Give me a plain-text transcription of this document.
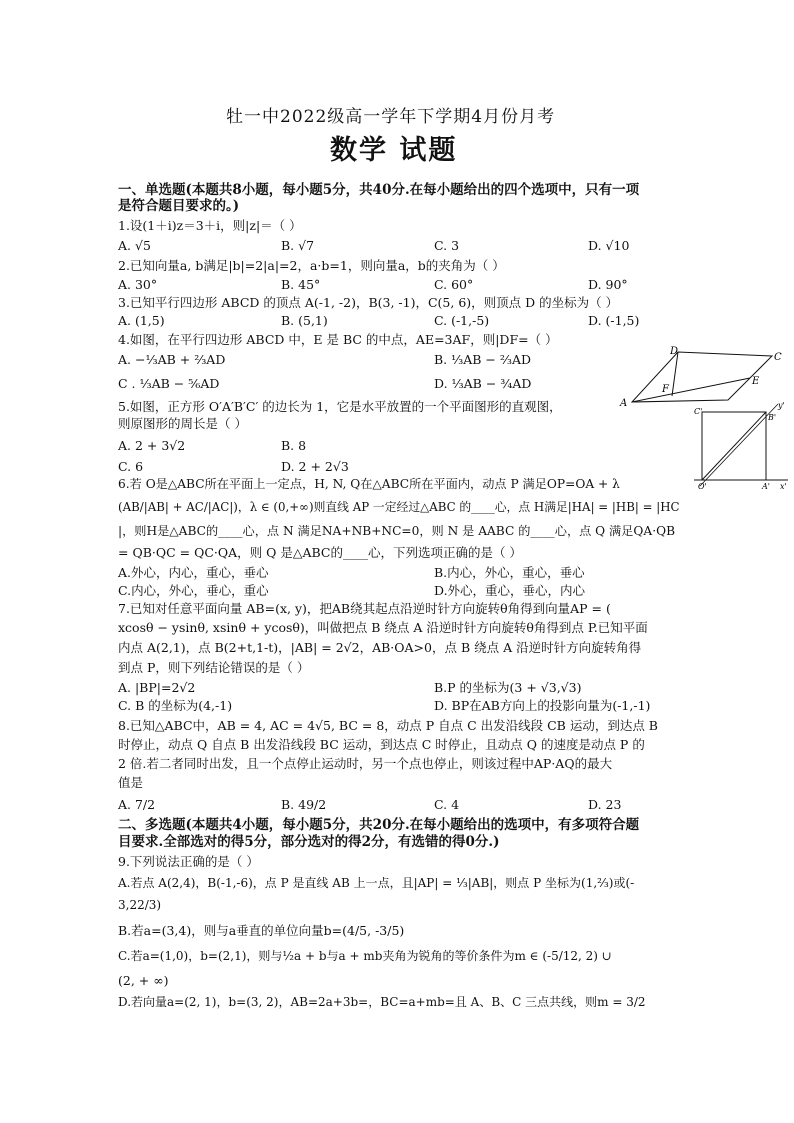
牡一中2022级高一学年下学期4月份月考
数学 试题
一、单选题(本题共8小题，每小题5分，共40分.在每小题给出的四个选项中，只有一项
是符合题目要求的。)
1.设(1＋i)z＝3＋i，则|z|＝（ ）
A. √5	B. √7	C. 3	D. √10
2.已知向量a, b满足|b|=2|a|=2，a·b=1，则向量a，b的夹角为（ ）
A. 30°	B. 45°	C. 60°	D. 90°
3.已知平行四边形 ABCD 的顶点 A(-1, -2)，B(3, -1)，C(5, 6)，则顶点 D 的坐标为（ ）
A. (1,5)	B. (5,1)	C. (-1,-5)	D. (-1,5)
4.如图，在平行四边形 ABCD 中，E 是 BC 的中点，AE=3AF，则|DF=（ ）
A. −⅓AB + ⅔AD	B. ⅓AB − ⅔AD
C . ⅓AB − ⅚AD	D. ⅓AB − ¾AD
D
C
F
E
A
5.如图，正方形 O′A′B′C′ 的边长为 1，它是水平放置的一个平面图形的直观图，
则原图形的周长是（ ）
A. 2 + 3√2	B. 8
C. 6	D. 2 + 2√3
C'
B'
O'	A'
y'
x'
6.若 O是△ABC所在平面上一定点，H, N, Q在△ABC所在平面内，动点 P 满足OP=OA + λ
(AB/|AB| + AC/|AC|)，λ ∈ (0,+∞)则直线 AP 一定经过△ABC 的____心，点 H满足|HA| = |HB| = |HC
|，则H是△ABC的____心，点 N 满足NA+NB+NC=0，则 N 是 AABC 的____心，点 Q 满足QA·QB
= QB·QC = QC·QA，则 Q 是△ABC的____心，下列选项正确的是（ ）
A.外心，内心，重心，垂心	B.内心，外心，重心，垂心
C.内心，外心，垂心，重心	D.外心，重心，垂心，内心
7.已知对任意平面向量 AB=(x, y)，把AB绕其起点沿逆时针方向旋转θ角得到向量AP = (
xcosθ − ysinθ, xsinθ + ycosθ)，叫做把点 B 绕点 A 沿逆时针方向旋转θ角得到点 P.已知平面
内点 A(2,1)，点 B(2+t,1-t)，|AB| = 2√2，AB·OA>0，点 B 绕点 A 沿逆时针方向旋转角得
到点 P，则下列结论错误的是（ ）
A. |BP|=2√2	B.P 的坐标为(3 + √3,√3)
C. B 的坐标为(4,-1)	D. BP在AB方向上的投影向量为(-1,-1)
8.已知△ABC中，AB = 4, AC = 4√5, BC = 8，动点 P 自点 C 出发沿线段 CB 运动，到达点 B
时停止，动点 Q 自点 B 出发沿线段 BC 运动，到达点 C 时停止，且动点 Q 的速度是动点 P 的
2 倍.若二者同时出发，且一个点停止运动时，另一个点也停止，则该过程中AP·AQ的最大
值是
A. 7/2	B. 49/2	C. 4	D. 23
二、多选题(本题共4小题，每小题5分，共20分.在每小题给出的选项中，有多项符合题
目要求.全部选对的得5分，部分选对的得2分，有选错的得0分.)
9.下列说法正确的是（ ）
A.若点 A(2,4)，B(-1,-6)，点 P 是直线 AB 上一点，且|AP| = ⅓|AB|，则点 P 坐标为(1,⅔)或(-
3,22/3)
B.若a=(3,4)，则与a垂直的单位向量b=(4/5, -3/5)
C.若a=(1,0)，b=(2,1)，则与½a + b与a + mb夹角为锐角的等价条件为m ∈ (-5/12, 2) ∪
(2, + ∞)
D.若向量a=(2, 1)，b=(3, 2)，AB=2a+3b=，BC=a+mb=且 A、B、C 三点共线，则m = 3/2
